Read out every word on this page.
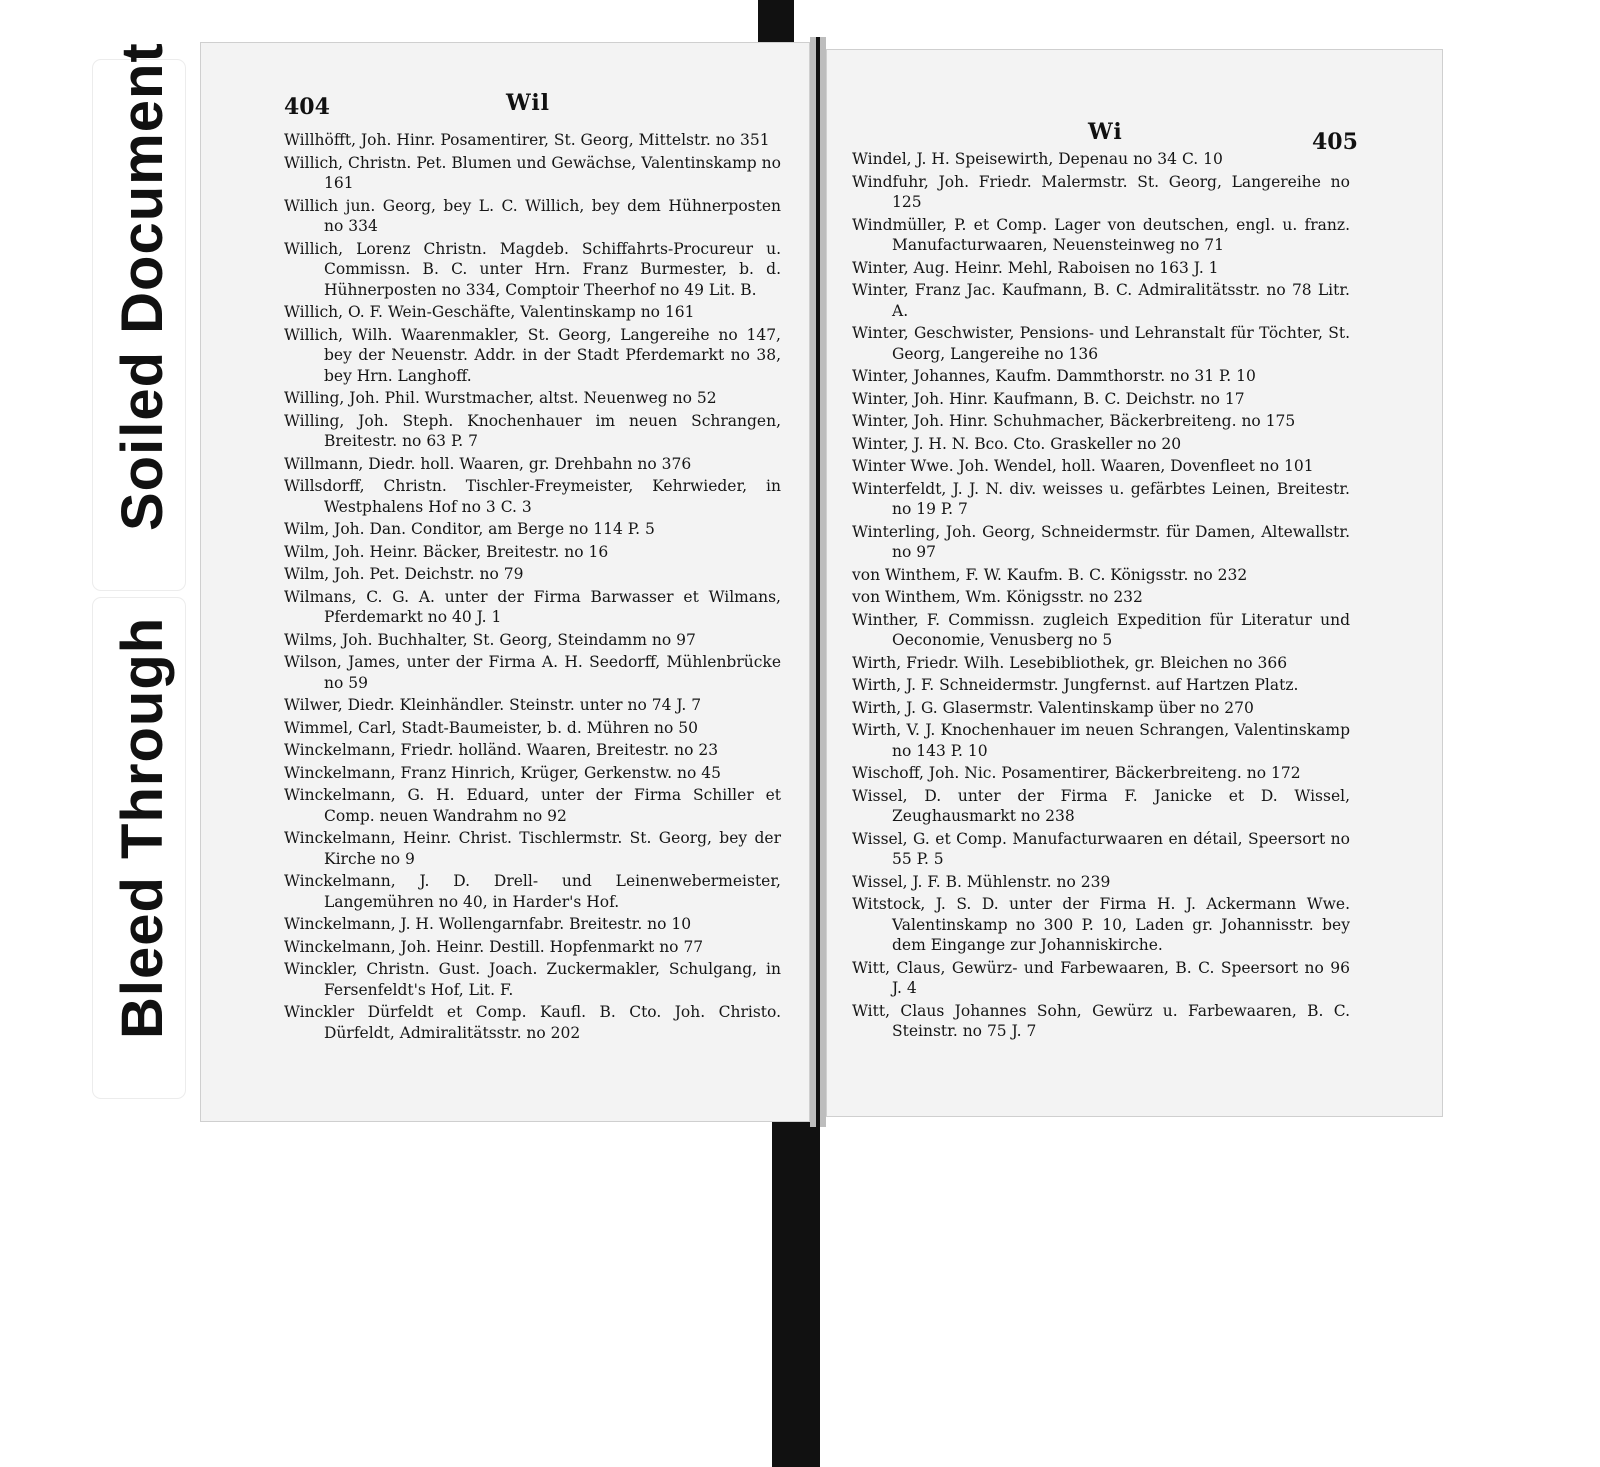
Bleed Through
Soiled Document	404	Wil
Willhöfft, Joh. Hinr. Posamentirer, St. Georg, Mittelstr. no 351
Willich, Christn. Pet. Blumen und Gewächse, Valentinskamp no 161
Willich jun. Georg, bey L. C. Willich, bey dem Hühnerposten no 334
Willich, Lorenz Christn. Magdeb. Schiffahrts-Procureur u. Commissn. B. C. unter Hrn. Franz Burmester, b. d. Hühnerposten no 334, Comptoir Theerhof no 49 Lit. B.
Willich, O. F. Wein-Geschäfte, Valentinskamp no 161
Willich, Wilh. Waarenmakler, St. Georg, Langereihe no 147, bey der Neuenstr. Addr. in der Stadt Pferdemarkt no 38, bey Hrn. Langhoff.
Willing, Joh. Phil. Wurstmacher, altst. Neuenweg no 52
Willing, Joh. Steph. Knochenhauer im neuen Schrangen, Breitestr. no 63 P. 7
Willmann, Diedr. holl. Waaren, gr. Drehbahn no 376
Willsdorff, Christn. Tischler-Freymeister, Kehrwieder, in Westphalens Hof no 3 C. 3
Wilm, Joh. Dan. Conditor, am Berge no 114 P. 5
Wilm, Joh. Heinr. Bäcker, Breitestr. no 16
Wilm, Joh. Pet. Deichstr. no 79
Wilmans, C. G. A. unter der Firma Barwasser et Wilmans, Pferdemarkt no 40 J. 1
Wilms, Joh. Buchhalter, St. Georg, Steindamm no 97
Wilson, James, unter der Firma A. H. Seedorff, Mühlenbrücke no 59
Wilwer, Diedr. Kleinhändler. Steinstr. unter no 74 J. 7
Wimmel, Carl, Stadt-Baumeister, b. d. Mühren no 50
Winckelmann, Friedr. holländ. Waaren, Breitestr. no 23
Winckelmann, Franz Hinrich, Krüger, Gerkenstw. no 45
Winckelmann, G. H. Eduard, unter der Firma Schiller et Comp. neuen Wandrahm no 92
Winckelmann, Heinr. Christ. Tischlermstr. St. Georg, bey der Kirche no 9
Winckelmann, J. D. Drell- und Leinenwebermeister, Langemühren no 40, in Harder's Hof.
Winckelmann, J. H. Wollengarnfabr. Breitestr. no 10
Winckelmann, Joh. Heinr. Destill. Hopfenmarkt no 77
Winckler, Christn. Gust. Joach. Zuckermakler, Schulgang, in Fersenfeldt's Hof, Lit. F.
Winckler Dürfeldt et Comp. Kaufl. B. Cto. Joh. Christo. Dürfeldt, Admiralitätsstr. no 202
Wi	405
Windel, J. H. Speisewirth, Depenau no 34 C. 10
Windfuhr, Joh. Friedr. Malermstr. St. Georg, Langereihe no 125
Windmüller, P. et Comp. Lager von deutschen, engl. u. franz. Manufacturwaaren, Neuensteinweg no 71
Winter, Aug. Heinr. Mehl, Raboisen no 163 J. 1
Winter, Franz Jac. Kaufmann, B. C. Admiralitätsstr. no 78 Litr. A.
Winter, Geschwister, Pensions- und Lehranstalt für Töchter, St. Georg, Langereihe no 136
Winter, Johannes, Kaufm. Dammthorstr. no 31 P. 10
Winter, Joh. Hinr. Kaufmann, B. C. Deichstr. no 17
Winter, Joh. Hinr. Schuhmacher, Bäckerbreiteng. no 175
Winter, J. H. N. Bco. Cto. Graskeller no 20
Winter Wwe. Joh. Wendel, holl. Waaren, Dovenfleet no 101
Winterfeldt, J. J. N. div. weisses u. gefärbtes Leinen, Breitestr. no 19 P. 7
Winterling, Joh. Georg, Schneidermstr. für Damen, Altewallstr. no 97
von Winthem, F. W. Kaufm. B. C. Königsstr. no 232
von Winthem, Wm. Königsstr. no 232
Winther, F. Commissn. zugleich Expedition für Literatur und Oeconomie, Venusberg no 5
Wirth, Friedr. Wilh. Lesebibliothek, gr. Bleichen no 366
Wirth, J. F. Schneidermstr. Jungfernst. auf Hartzen Platz.
Wirth, J. G. Glasermstr. Valentinskamp über no 270
Wirth, V. J. Knochenhauer im neuen Schrangen, Valentinskamp no 143 P. 10
Wischoff, Joh. Nic. Posamentirer, Bäckerbreiteng. no 172
Wissel, D. unter der Firma F. Janicke et D. Wissel, Zeughausmarkt no 238
Wissel, G. et Comp. Manufacturwaaren en détail, Speersort no 55 P. 5
Wissel, J. F. B. Mühlenstr. no 239
Witstock, J. S. D. unter der Firma H. J. Ackermann Wwe. Valentinskamp no 300 P. 10, Laden gr. Johannisstr. bey dem Eingange zur Johanniskirche.
Witt, Claus, Gewürz- und Farbewaaren, B. C. Speersort no 96 J. 4
Witt, Claus Johannes Sohn, Gewürz u. Farbewaaren, B. C. Steinstr. no 75 J. 7
